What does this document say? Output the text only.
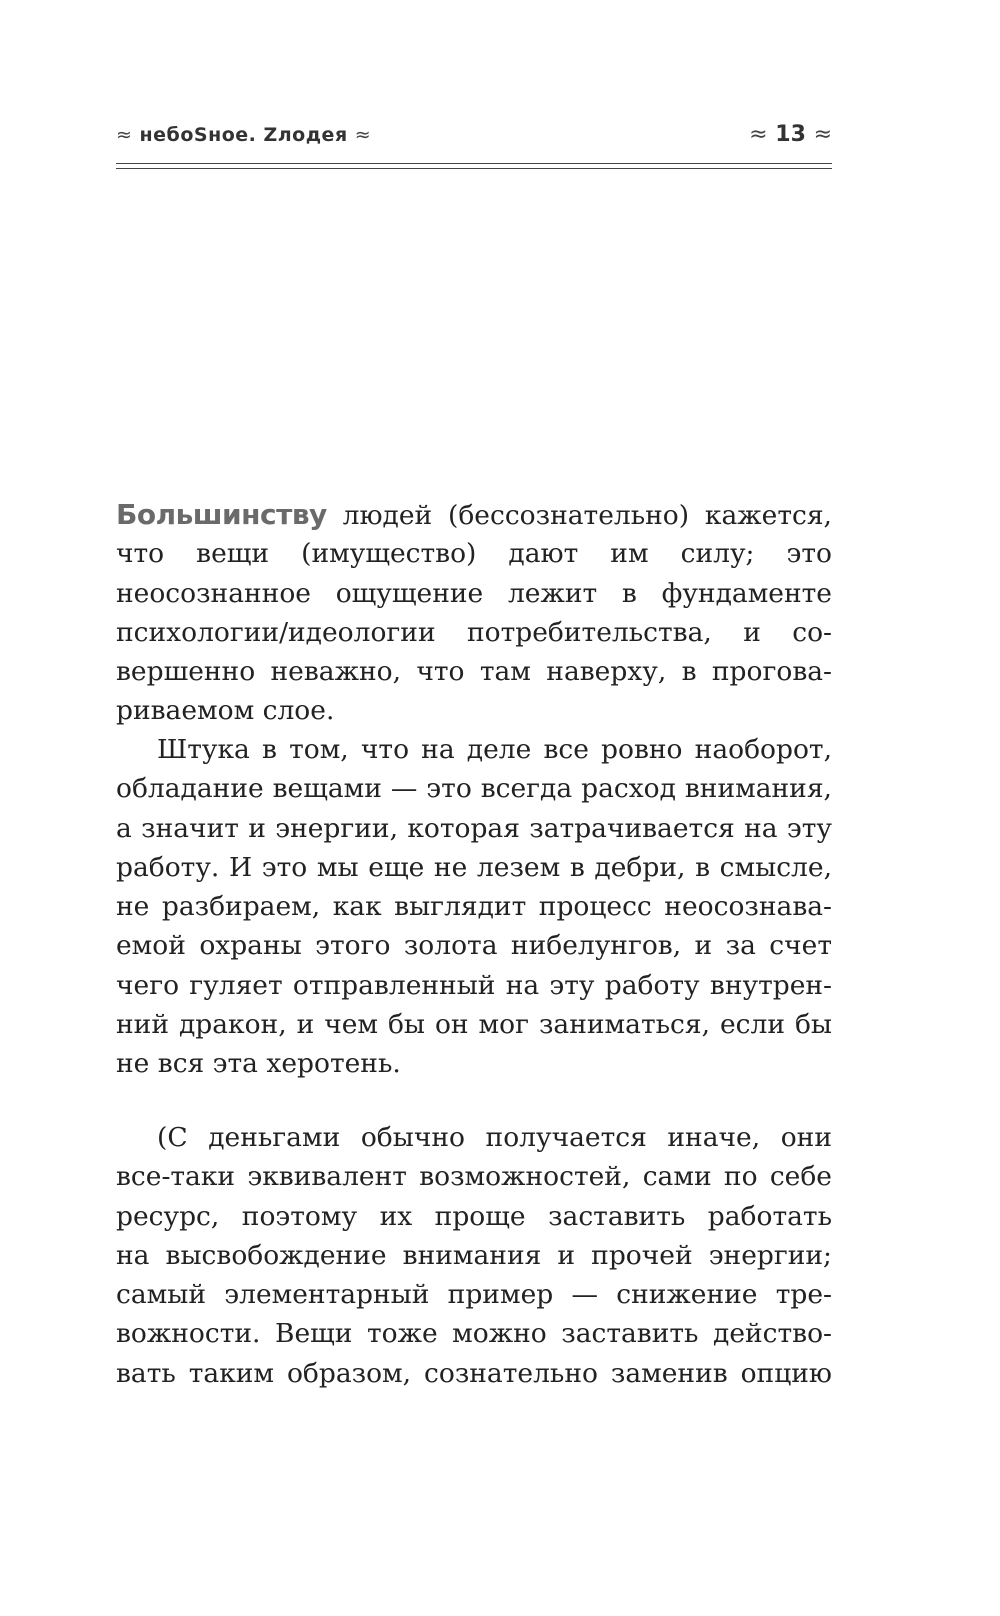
≈ небоSное. Zлодея ≈	≈ 13 ≈
Большинству людей (бессознательно) кажется,
что вещи (имущество) дают им силу; это
неосознанное ощущение лежит в фундаменте
психологии/идеологии потребительства, и со-
вершенно неважно, что там наверху, в прогова-
риваемом слое.
Штука в том, что на деле все ровно наоборот,
обладание вещами — это всегда расход внимания,
а значит и энергии, которая затрачивается на эту
работу. И это мы еще не лезем в дебри, в смысле,
не разбираем, как выглядит процесс неосознава-
емой охраны этого золота нибелунгов, и за счет
чего гуляет отправленный на эту работу внутрен-
ний дракон, и чем бы он мог заниматься, если бы
не вся эта херотень.
(С деньгами обычно получается иначе, они
все-таки эквивалент возможностей, сами по себе
ресурс, поэтому их проще заставить работать
на высвобождение внимания и прочей энергии;
самый элементарный пример — снижение тре-
вожности. Вещи тоже можно заставить действо-
вать таким образом, сознательно заменив опцию
